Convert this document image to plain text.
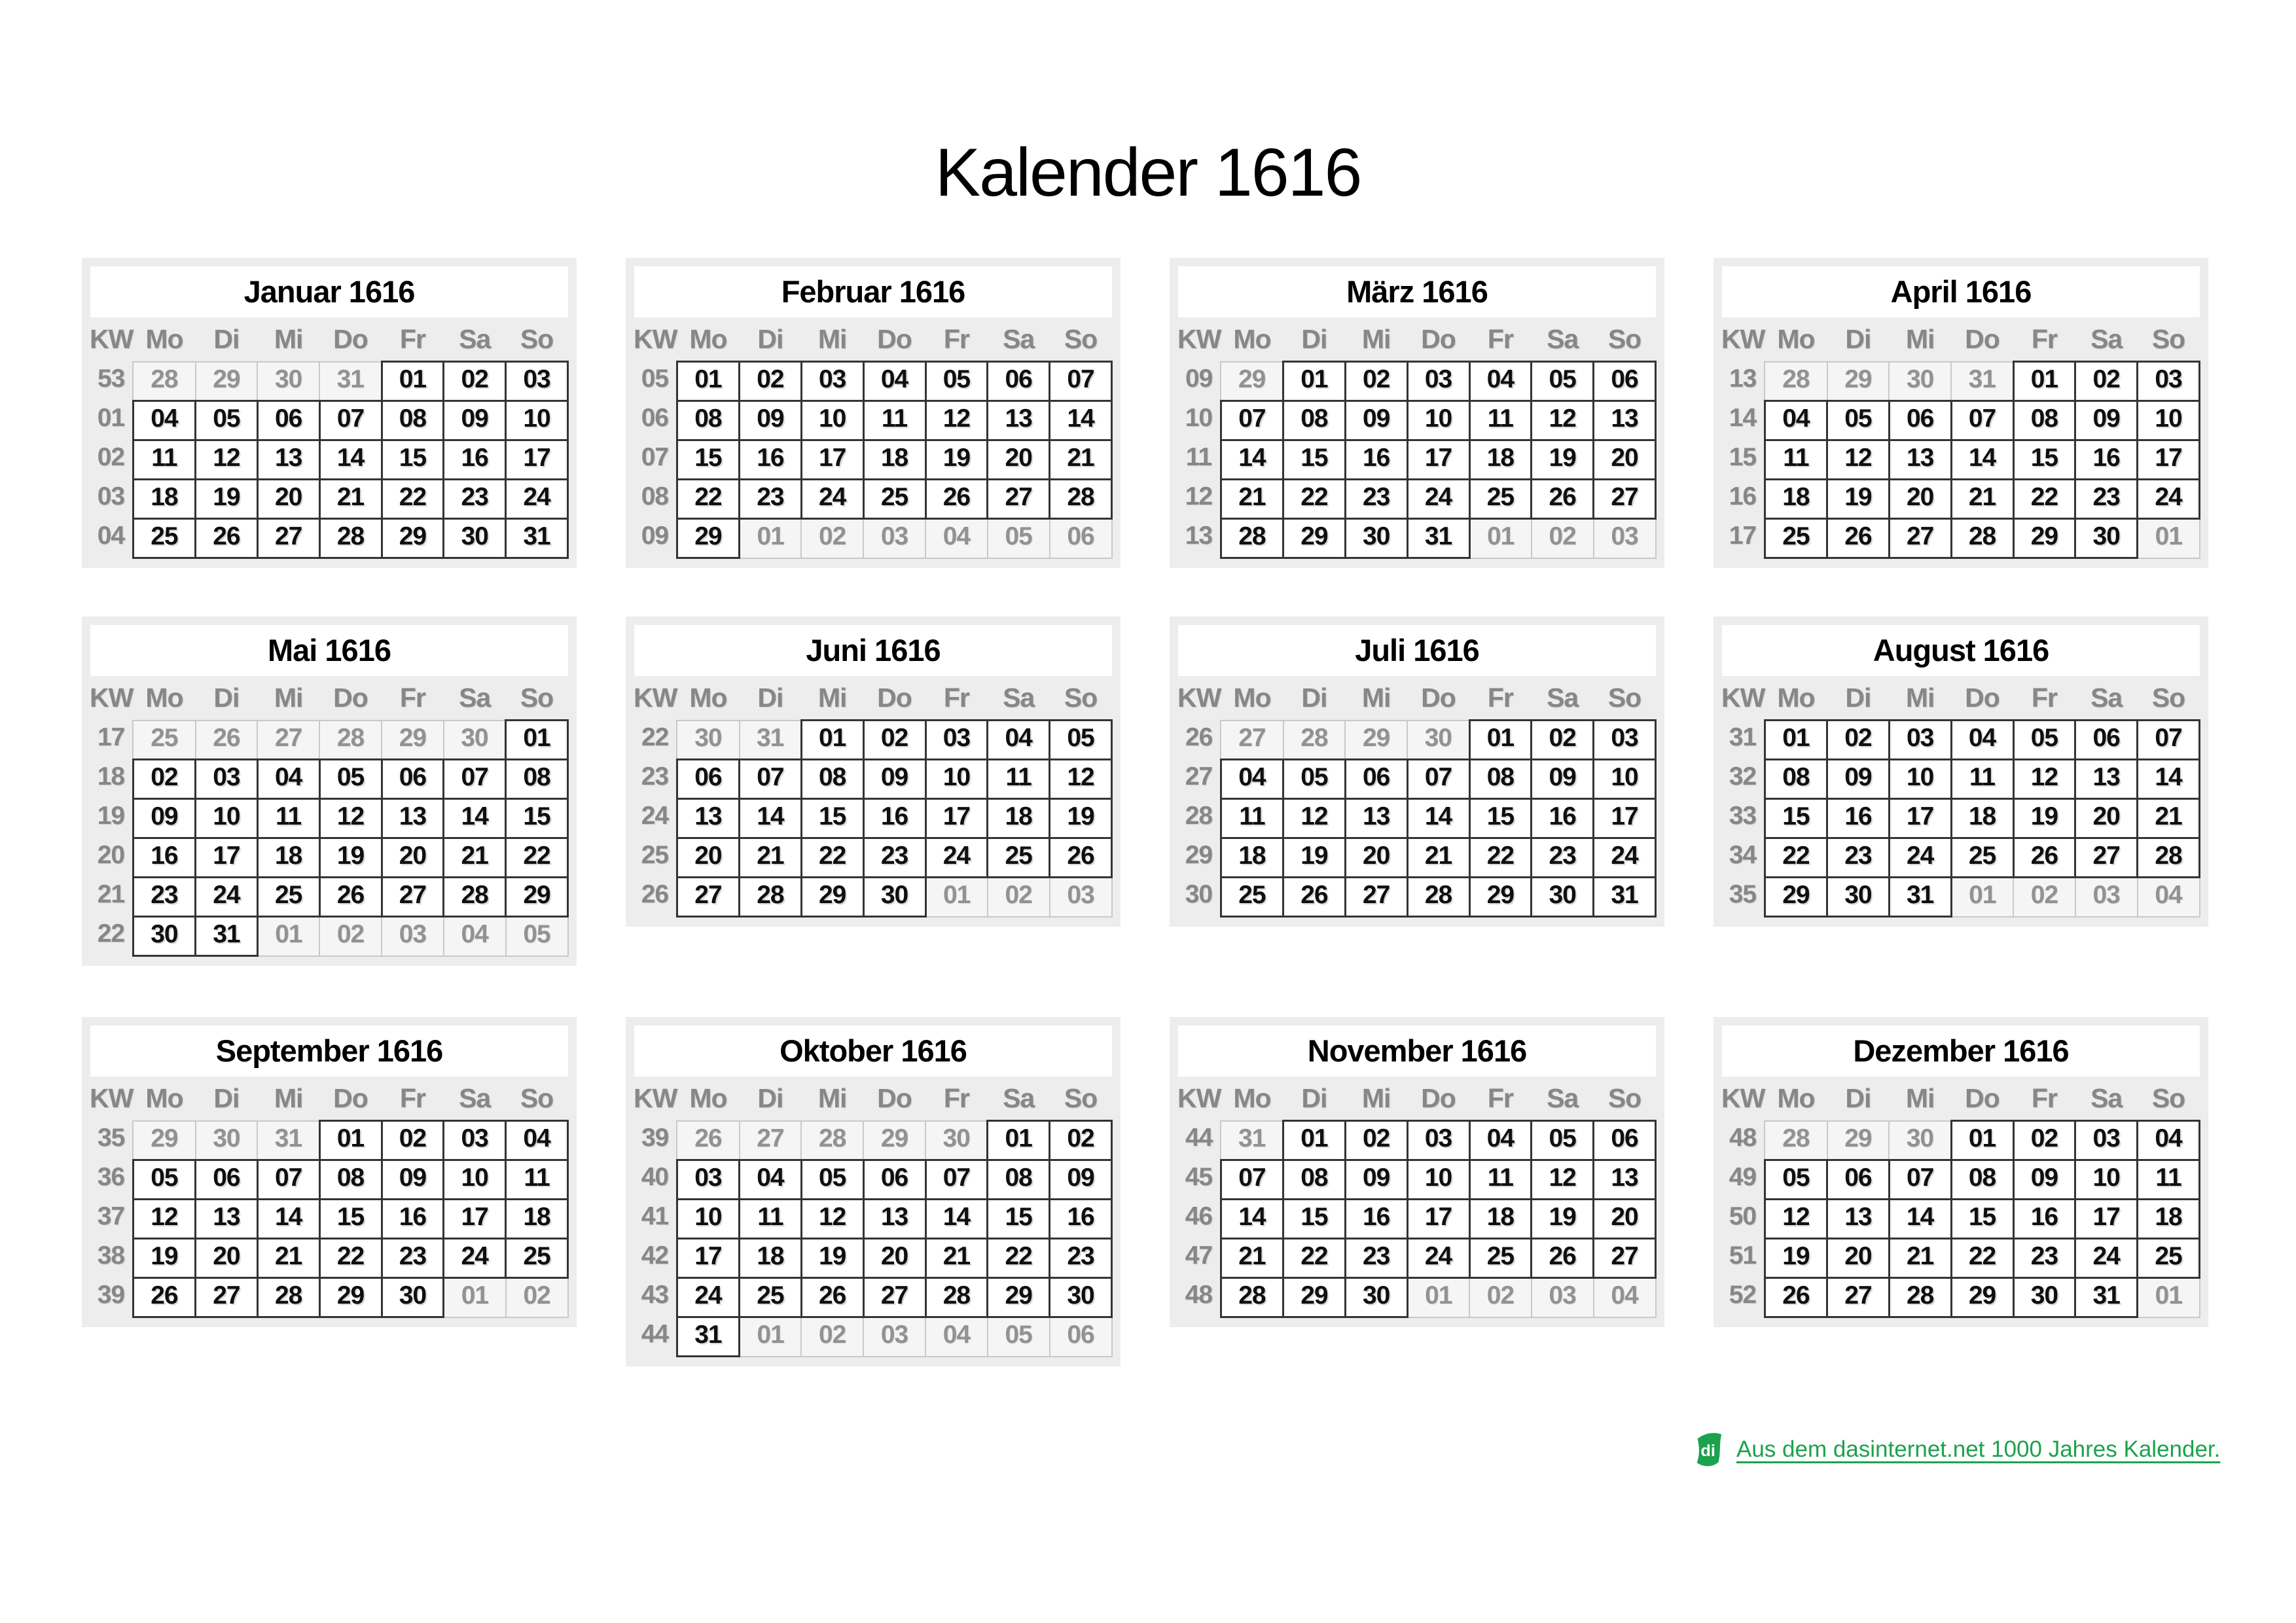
Kalender 1616
Januar 1616
KW	Mo	Di	Mi	Do	Fr	Sa	So
53	28	29	30	31	01	02	03
01	04	05	06	07	08	09	10
02	11	12	13	14	15	16	17
03	18	19	20	21	22	23	24
04	25	26	27	28	29	30	31
Februar 1616
KW	Mo	Di	Mi	Do	Fr	Sa	So
05	01	02	03	04	05	06	07
06	08	09	10	11	12	13	14
07	15	16	17	18	19	20	21
08	22	23	24	25	26	27	28
09	29	01	02	03	04	05	06
März 1616
KW	Mo	Di	Mi	Do	Fr	Sa	So
09	29	01	02	03	04	05	06
10	07	08	09	10	11	12	13
11	14	15	16	17	18	19	20
12	21	22	23	24	25	26	27
13	28	29	30	31	01	02	03
April 1616
KW	Mo	Di	Mi	Do	Fr	Sa	So
13	28	29	30	31	01	02	03
14	04	05	06	07	08	09	10
15	11	12	13	14	15	16	17
16	18	19	20	21	22	23	24
17	25	26	27	28	29	30	01
Mai 1616
KW	Mo	Di	Mi	Do	Fr	Sa	So
17	25	26	27	28	29	30	01
18	02	03	04	05	06	07	08
19	09	10	11	12	13	14	15
20	16	17	18	19	20	21	22
21	23	24	25	26	27	28	29
22	30	31	01	02	03	04	05
Juni 1616
KW	Mo	Di	Mi	Do	Fr	Sa	So
22	30	31	01	02	03	04	05
23	06	07	08	09	10	11	12
24	13	14	15	16	17	18	19
25	20	21	22	23	24	25	26
26	27	28	29	30	01	02	03
Juli 1616
KW	Mo	Di	Mi	Do	Fr	Sa	So
26	27	28	29	30	01	02	03
27	04	05	06	07	08	09	10
28	11	12	13	14	15	16	17
29	18	19	20	21	22	23	24
30	25	26	27	28	29	30	31
August 1616
KW	Mo	Di	Mi	Do	Fr	Sa	So
31	01	02	03	04	05	06	07
32	08	09	10	11	12	13	14
33	15	16	17	18	19	20	21
34	22	23	24	25	26	27	28
35	29	30	31	01	02	03	04
September 1616
KW	Mo	Di	Mi	Do	Fr	Sa	So
35	29	30	31	01	02	03	04
36	05	06	07	08	09	10	11
37	12	13	14	15	16	17	18
38	19	20	21	22	23	24	25
39	26	27	28	29	30	01	02
Oktober 1616
KW	Mo	Di	Mi	Do	Fr	Sa	So
39	26	27	28	29	30	01	02
40	03	04	05	06	07	08	09
41	10	11	12	13	14	15	16
42	17	18	19	20	21	22	23
43	24	25	26	27	28	29	30
44	31	01	02	03	04	05	06
November 1616
KW	Mo	Di	Mi	Do	Fr	Sa	So
44	31	01	02	03	04	05	06
45	07	08	09	10	11	12	13
46	14	15	16	17	18	19	20
47	21	22	23	24	25	26	27
48	28	29	30	01	02	03	04
Dezember 1616
KW	Mo	Di	Mi	Do	Fr	Sa	So
48	28	29	30	01	02	03	04
49	05	06	07	08	09	10	11
50	12	13	14	15	16	17	18
51	19	20	21	22	23	24	25
52	26	27	28	29	30	31	01
di Aus dem dasinternet.net 1000 Jahres Kalender.
